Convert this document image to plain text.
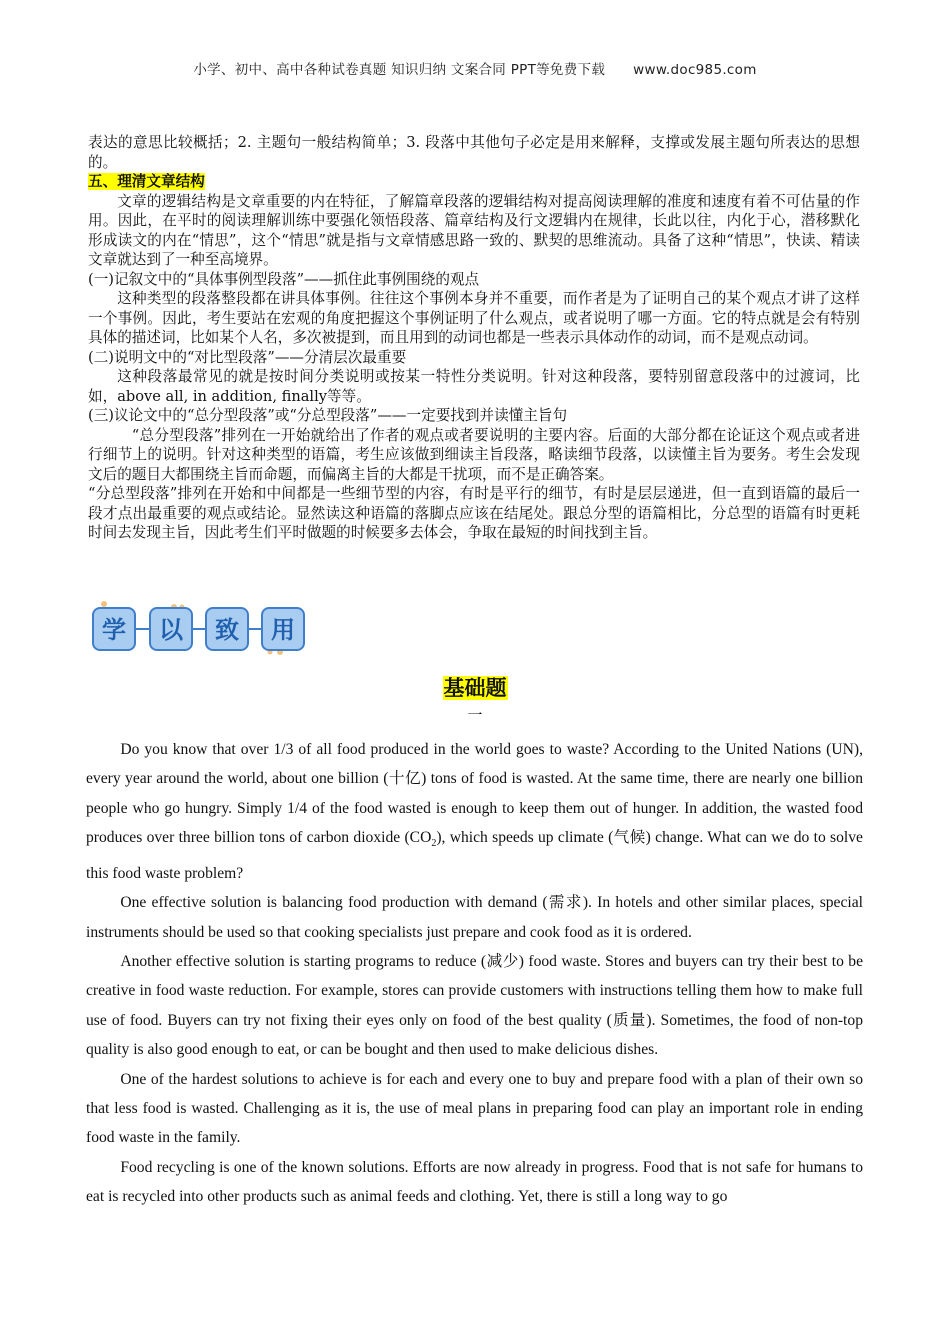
小学、初中、高中各种试卷真题 知识归纳 文案合同 PPT等免费下载 www.doc985.com

表达的意思比较概括；2. 主题句一般结构简单；3. 段落中其他句子必定是用来解释，支撑或发展主题句所表达的思想的。

五、理清文章结构

文章的逻辑结构是文章重要的内在特征，了解篇章段落的逻辑结构对提高阅读理解的准度和速度有着不可估量的作用。因此，在平时的阅读理解训练中要强化领悟段落、篇章结构及行文逻辑内在规律，长此以往，内化于心，潜移默化形成读文的内在“情思”，这个“情思”就是指与文章情感思路一致的、默契的思维流动。具备了这种“情思”，快读、精读文章就达到了一种至高境界。

(一)记叙文中的“具体事例型段落”——抓住此事例围绕的观点

这种类型的段落整段都在讲具体事例。往往这个事例本身并不重要，而作者是为了证明自己的某个观点才讲了这样一个事例。因此，考生要站在宏观的角度把握这个事例证明了什么观点，或者说明了哪一方面。它的特点就是会有特别具体的描述词，比如某个人名，多次被提到，而且用到的动词也都是一些表示具体动作的动词，而不是观点动词。

(二)说明文中的“对比型段落”——分清层次最重要

这种段落最常见的就是按时间分类说明或按某一特性分类说明。针对这种段落，要特别留意段落中的过渡词，比如，above all, in addition, finally等等。

(三)议论文中的“总分型段落”或“分总型段落”——一定要找到并读懂主旨句

“总分型段落”排列在一开始就给出了作者的观点或者要说明的主要内容。后面的大部分都在论证这个观点或者进行细节上的说明。针对这种类型的语篇，考生应该做到细读主旨段落，略读细节段落，以读懂主旨为要务。考生会发现文后的题目大都围绕主旨而命题，而偏离主旨的大都是干扰项，而不是正确答案。

“分总型段落”排列在开始和中间都是一些细节型的内容，有时是平行的细节，有时是层层递进，但一直到语篇的最后一段才点出最重要的观点或结论。显然读这种语篇的落脚点应该在结尾处。跟总分型的语篇相比，分总型的语篇有时更耗时间去发现主旨，因此考生们平时做题的时候要多去体会，争取在最短的时间找到主旨。

学 以 致 用
基础题
一

Do you know that over 1/3 of all food produced in the world goes to waste? According to the United Nations (UN), every year around the world, about one billion (十亿) tons of food is wasted. At the same time, there are nearly one billion people who go hungry. Simply 1/4 of the food wasted is enough to keep them out of hunger. In addition, the wasted food produces over three billion tons of carbon dioxide $(CO_2)$, which speeds up climate (气候) change. What can we do to solve this food waste problem?

One effective solution is balancing food production with demand (需求). In hotels and other similar places, special instruments should be used so that cooking specialists just prepare and cook food as it is ordered.

Another effective solution is starting programs to reduce (减少) food waste. Stores and buyers can try their best to be creative in food waste reduction. For example, stores can provide customers with instructions telling them how to make full use of food. Buyers can try not fixing their eyes only on food of the best quality (质量). Sometimes, the food of non-top quality is also good enough to eat, or can be bought and then used to make delicious dishes.

One of the hardest solutions to achieve is for each and every one to buy and prepare food with a plan of their own so that less food is wasted. Challenging as it is, the use of meal plans in preparing food can play an important role in ending food waste in the family.

Food recycling is one of the known solutions. Efforts are now already in progress. Food that is not safe for humans to eat is recycled into other products such as animal feeds and clothing. Yet, there is still a long way to go
